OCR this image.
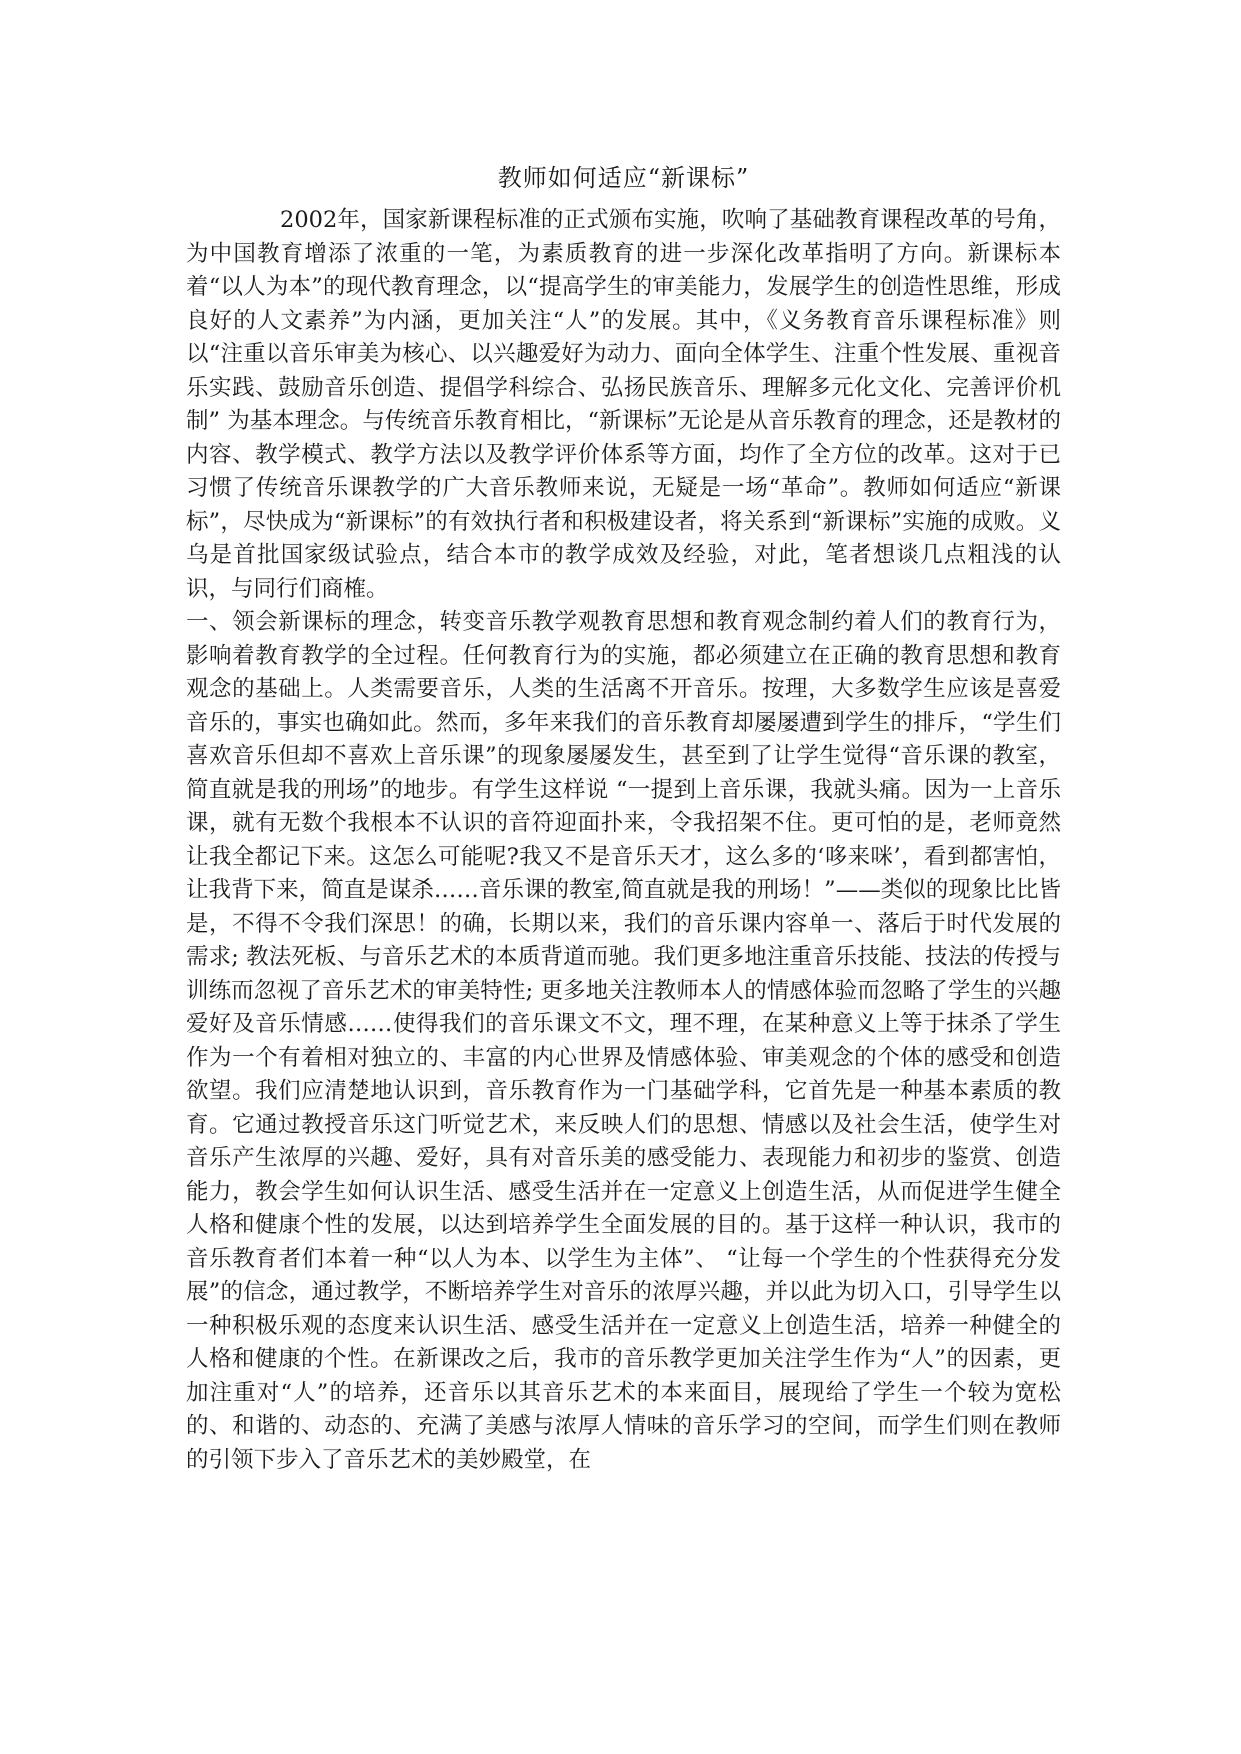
教师如何适应“新课标”

2002年，国家新课程标准的正式颁布实施，吹响了基础教育课程改革的号角，为中国教育增添了浓重的一笔，为素质教育的进一步深化改革指明了方向。新课标本着“以人为本”的现代教育理念，以“提高学生的审美能力，发展学生的创造性思维，形成良好的人文素养”为内涵，更加关注“人”的发展。其中，《义务教育音乐课程标准》则以“注重以音乐审美为核心、以兴趣爱好为动力、面向全体学生、注重个性发展、重视音乐实践、鼓励音乐创造、提倡学科综合、弘扬民族音乐、理解多元化文化、完善评价机制” 为基本理念。与传统音乐教育相比，“新课标”无论是从音乐教育的理念，还是教材的内容、教学模式、教学方法以及教学评价体系等方面，均作了全方位的改革。这对于已习惯了传统音乐课教学的广大音乐教师来说，无疑是一场“革命”。教师如何适应“新课标”，尽快成为“新课标”的有效执行者和积极建设者，将关系到“新课标”实施的成败。义乌是首批国家级试验点，结合本市的教学成效及经验，对此，笔者想谈几点粗浅的认识，与同行们商榷。

一、领会新课标的理念，转变音乐教学观教育思想和教育观念制约着人们的教育行为，影响着教育教学的全过程。任何教育行为的实施，都必须建立在正确的教育思想和教育观念的基础上。人类需要音乐，人类的生活离不开音乐。按理，大多数学生应该是喜爱音乐的，事实也确如此。然而，多年来我们的音乐教育却屡屡遭到学生的排斥，“学生们喜欢音乐但却不喜欢上音乐课”的现象屡屡发生，甚至到了让学生觉得“音乐课的教室，简直就是我的刑场”的地步。有学生这样说 “一提到上音乐课，我就头痛。因为一上音乐课，就有无数个我根本不认识的音符迎面扑来，令我招架不住。更可怕的是，老师竟然让我全都记下来。这怎么可能呢?我又不是音乐天才，这么多的‘哆来咪’，看到都害怕，让我背下来，简直是谋杀……音乐课的教室,简直就是我的刑场！”——类似的现象比比皆是，不得不令我们深思！的确，长期以来，我们的音乐课内容单一、落后于时代发展的需求; 教法死板、与音乐艺术的本质背道而驰。我们更多地注重音乐技能、技法的传授与训练而忽视了音乐艺术的审美特性; 更多地关注教师本人的情感体验而忽略了学生的兴趣爱好及音乐情感……使得我们的音乐课文不文，理不理，在某种意义上等于抹杀了学生作为一个有着相对独立的、丰富的内心世界及情感体验、审美观念的个体的感受和创造欲望。我们应清楚地认识到，音乐教育作为一门基础学科，它首先是一种基本素质的教育。它通过教授音乐这门听觉艺术，来反映人们的思想、情感以及社会生活，使学生对音乐产生浓厚的兴趣、爱好，具有对音乐美的感受能力、表现能力和初步的鉴赏、创造能力，教会学生如何认识生活、感受生活并在一定意义上创造生活，从而促进学生健全人格和健康个性的发展，以达到培养学生全面发展的目的。基于这样一种认识，我市的音乐教育者们本着一种“以人为本、以学生为主体”、 “让每一个学生的个性获得充分发展”的信念，通过教学，不断培养学生对音乐的浓厚兴趣，并以此为切入口，引导学生以一种积极乐观的态度来认识生活、感受生活并在一定意义上创造生活，培养一种健全的人格和健康的个性。在新课改之后，我市的音乐教学更加关注学生作为“人”的因素，更加注重对“人”的培养，还音乐以其音乐艺术的本来面目，展现给了学生一个较为宽松的、和谐的、动态的、充满了美感与浓厚人情味的音乐学习的空间，而学生们则在教师的引领下步入了音乐艺术的美妙殿堂，在
